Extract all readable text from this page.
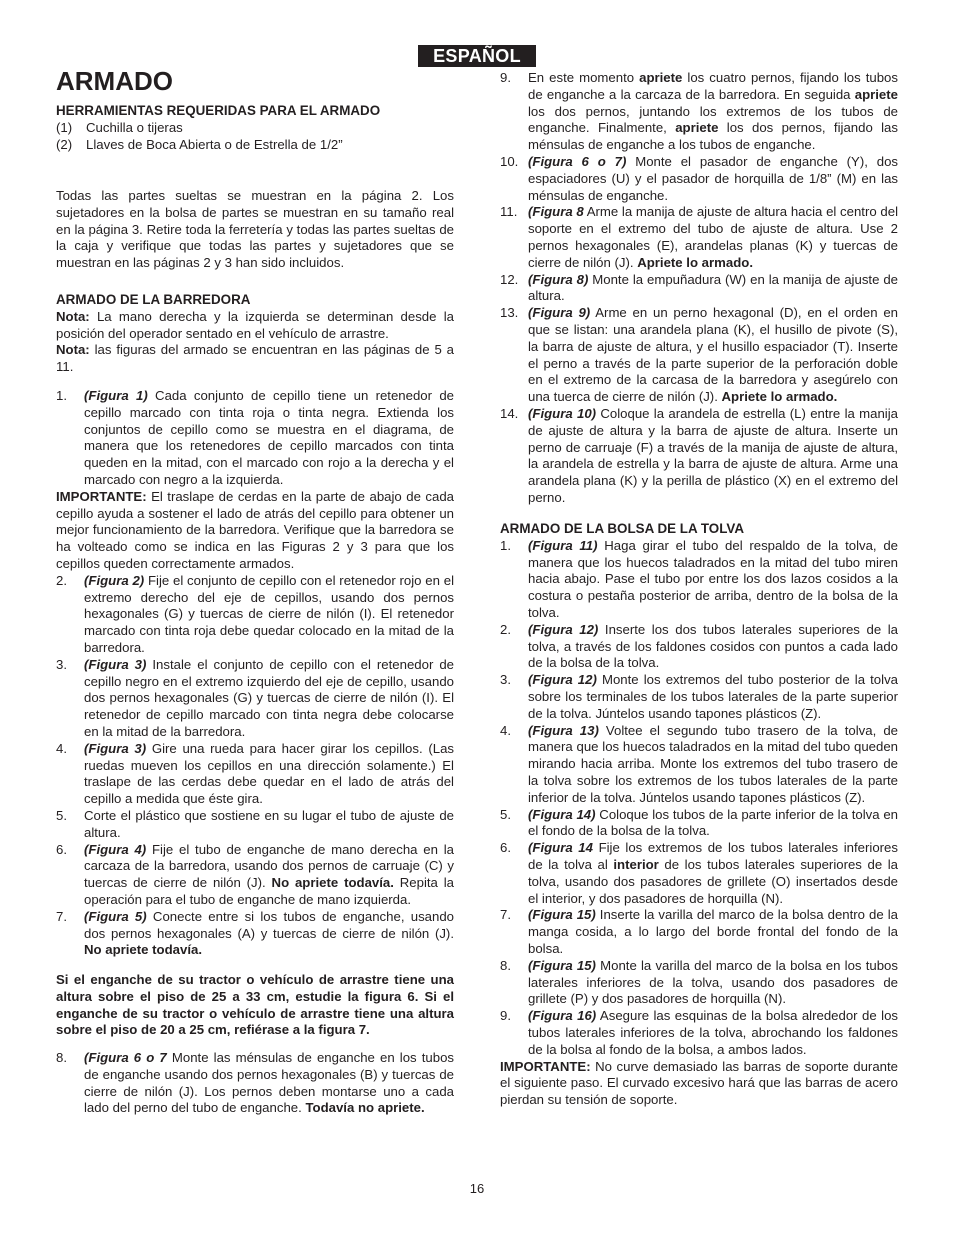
ESPAÑOL
ARMADO

HERRAMIENTAS REQUERIDAS PARA EL ARMADO

(1)	Cuchilla o tijeras
(2)	Llaves de Boca Abierta o de Estrella de 1/2”

Todas las partes sueltas se muestran en la página 2. Los sujetadores en la bolsa de partes se muestran en su tamaño real en la página 3. Retire toda la ferretería y todas las partes sueltas de la caja y verifique que todas las partes y sujetadores que se muestran en las páginas 2 y 3 han sido incluidos.

ARMADO DE LA BARREDORA

Nota: La mano derecha y la izquierda se determinan desde la posición del operador sentado en el vehículo de arrastre.

Nota: las figuras del armado se encuentran en las páginas de 5 a 11.

1.	(Figura 1) Cada conjunto de cepillo tiene un retenedor de cepillo marcado con tinta roja o tinta negra. Extienda los conjuntos de cepillo como se muestra en el diagrama, de manera que los retenedores de cepillo marcados con tinta queden en la mitad, con el marcado con rojo a la derecha y el marcado con negro a la izquierda.

IMPORTANTE: El traslape de cerdas en la parte de abajo de cada cepillo ayuda a sostener el lado de atrás del cepillo para obtener un mejor funcionamiento de la barredora. Verifique que la barredora se ha volteado como se indica en las Figuras 2 y 3 para que los cepillos queden correctamente armados.

2.	(Figura 2) Fije el conjunto de cepillo con el retenedor rojo en el extremo derecho del eje de cepillos, usando dos pernos hexagonales (G) y tuercas de cierre de nilón (I). El retenedor marcado con tinta roja debe quedar colocado en la mitad de la barredora.
3.	(Figura 3) Instale el conjunto de cepillo con el retenedor de cepillo negro en el extremo izquierdo del eje de cepillo, usando dos pernos hexagonales (G) y tuercas de cierre de nilón (I). El retenedor de cepillo marcado con tinta negra debe colocarse en la mitad de la barredora.
4.	(Figura 3) Gire una rueda para hacer girar los cepillos. (Las ruedas mueven los cepillos en una dirección solamente.) El traslape de las cerdas debe quedar en el lado de atrás del cepillo a medida que éste gira.
5.	Corte el plástico que sostiene en su lugar el tubo de ajuste de altura.
6.	(Figura 4) Fije el tubo de enganche de mano derecha en la carcaza de la barredora, usando dos pernos de carruaje (C) y tuercas de cierre de nilón (J). No apriete todavía. Repita la operación para el tubo de enganche de mano izquierda.
7.	(Figura 5) Conecte entre si los tubos de enganche, usando dos pernos hexagonales (A) y tuercas de cierre de nilón (J). No apriete todavía.

Si el enganche de su tractor o vehículo de arrastre tiene una altura sobre el piso de 25 a 33 cm, estudie la figura 6. Si el enganche de su tractor o vehículo de arrastre tiene una altura sobre el piso de 20 a 25 cm, refiérase a la figura 7.

8.	(Figura 6 o 7 Monte las ménsulas de enganche en los tubos de enganche usando dos pernos hexagonales (B) y tuercas de cierre de nilón (J). Los pernos deben montarse uno a cada lado del perno del tubo de enganche. Todavía no apriete.
9.	En este momento apriete los cuatro pernos, fijando los tubos de enganche a la carcaza de la barredora. En seguida apriete los dos pernos, juntando los extremos de los tubos de enganche. Finalmente, apriete los dos pernos, fijando las ménsulas de enganche a los tubos de enganche.
10. (Figura 6 o 7) Monte el pasador de enganche (Y), dos espaciadores (U) y el pasador de horquilla de 1/8” (M) en las ménsulas de enganche.
11. (Figura 8 Arme la manija de ajuste de altura hacia el centro del soporte en el extremo del tubo de ajuste de altura. Use 2 pernos hexagonales (E), arandelas planas (K) y tuercas de cierre de nilón (J). Apriete lo armado.
12. (Figura 8) Monte la empuñadura (W) en la manija de ajuste de altura.
13. (Figura 9) Arme en un perno hexagonal (D), en el orden en que se listan: una arandela plana (K), el husillo de pivote (S), la barra de ajuste de altura, y el husillo espaciador (T). Inserte el perno a través de la parte superior de la perforación doble en el extremo de la carcasa de la barredora y asegúrelo con una tuerca de cierre de nilón (J). Apriete lo armado.
14. (Figura 10) Coloque la arandela de estrella (L) entre la manija de ajuste de altura y la barra de ajuste de altura. Inserte un perno de carruaje (F) a través de la manija de ajuste de altura, la arandela de estrella y la barra de ajuste de altura. Arme una arandela plana (K) y la perilla de plástico (X) en el extremo del perno.

ARMADO DE LA BOLSA DE LA TOLVA

1.	(Figura 11) Haga girar el tubo del respaldo de la tolva, de manera que los huecos taladrados en la mitad del tubo miren hacia abajo. Pase el tubo por entre los dos lazos cosidos a la costura o pestaña posterior de arriba, dentro de la bolsa de la tolva.
2.	(Figura 12) Inserte los dos tubos laterales superiores de la tolva, a través de los faldones cosidos con puntos a cada lado de la bolsa de la tolva.
3.	(Figura 12) Monte los extremos del tubo posterior de la tolva sobre los terminales de los tubos laterales de la parte superior de la tolva. Júntelos usando tapones plásticos (Z).
4.	(Figura 13) Voltee el segundo tubo trasero de la tolva, de manera que los huecos taladrados en la mitad del tubo queden mirando hacia arriba. Monte los extremos del tubo trasero de la tolva sobre los extremos de los tubos laterales de la parte inferior de la tolva. Júntelos usando tapones plásticos (Z).
5.	(Figura 14) Coloque los tubos de la parte inferior de la tolva en el fondo de la bolsa de la tolva.
6.	(Figura 14 Fije los extremos de los tubos laterales inferiores de la tolva al interior de los tubos laterales superiores de la tolva, usando dos pasadores de grillete (O) insertados desde el interior, y dos pasadores de horquilla (N).
7.	(Figura 15) Inserte la varilla del marco de la bolsa dentro de la manga cosida, a lo largo del borde frontal del fondo de la bolsa.
8.	(Figura 15) Monte la varilla del marco de la bolsa en los tubos laterales inferiores de la tolva, usando dos pasadores de grillete (P) y dos pasadores de horquilla (N).
9.	(Figura 16) Asegure las esquinas de la bolsa alrededor de los tubos laterales inferiores de la tolva, abrochando los faldones de la bolsa al fondo de la bolsa, a ambos lados.

IMPORTANTE: No curve demasiado las barras de soporte durante el siguiente paso. El curvado excesivo hará que las barras de acero pierdan su tensión de soporte.

16
